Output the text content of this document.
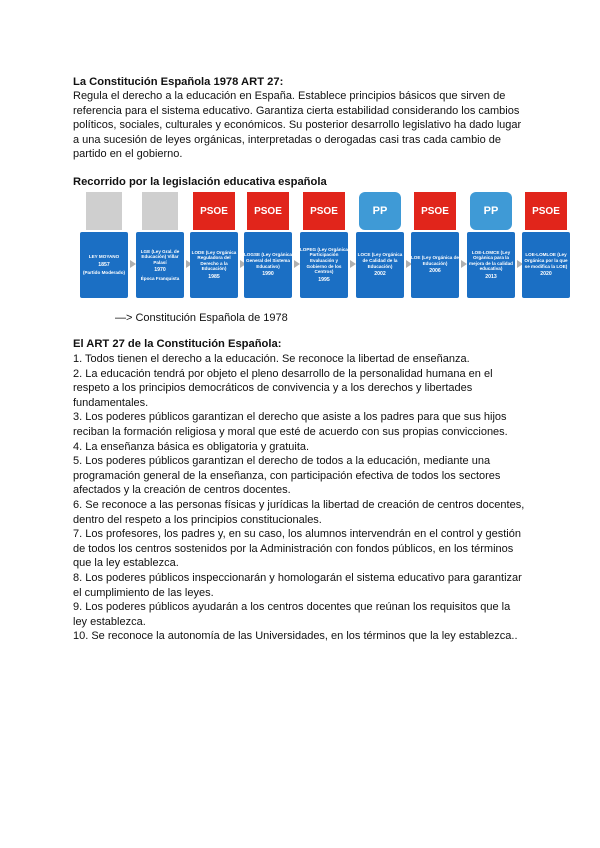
La Constitución Española 1978 ART 27:

Regula el derecho a la educación en España. Establece principios básicos que sirven de

referencia para el sistema educativo. Garantiza cierta estabilidad considerando los cambios

políticos, sociales, culturales y económicos. Su posterior desarrollo legislativo ha dado lugar

a una sucesión de leyes orgánicas, interpretadas o derogadas casi tras cada cambio de

partido en el gobierno.

Recorrido por la legislación educativa española
LEY MOYANO
1857
(Partido Moderado)
LGE (Ley Gral. de Educación) Villar Palasí
1970
Época Franquista
PSOE
LODE (Ley Orgánica Reguladora del Derecho a la Educación)
1985
PSOE
LOGSE (Ley Orgánica General del Sistema Educativo)
1990
PSOE
LOPEG (Ley Orgánica Participación Evaluación y Gobierno de los Centros)
1995
PP
LOCE (Ley Orgánica de Calidad de la Educación)
2002
PSOE
LOE (Ley Orgánica de Educación)
2006
PP
LOE-LOMCE (Ley Orgánica para la mejora de la calidad educativa)
2013
PSOE
LOE-LOMLOE (Ley Orgánica por la que se modifica la LOE)
2020
—> Constitución Española de 1978
El ART 27 de la Constitución Española:

1. Todos tienen el derecho a la educación. Se reconoce la libertad de enseñanza.

2. La educación tendrá por objeto el pleno desarrollo de la personalidad humana en el

respeto a los principios democráticos de convivencia y a los derechos y libertades

fundamentales.

3. Los poderes públicos garantizan el derecho que asiste a los padres para que sus hijos

reciban la formación religiosa y moral que esté de acuerdo con sus propias convicciones.

4. La enseñanza básica es obligatoria y gratuita.

5. Los poderes públicos garantizan el derecho de todos a la educación, mediante una

programación general de la enseñanza, con participación efectiva de todos los sectores

afectados y la creación de centros docentes.

6. Se reconoce a las personas físicas y jurídicas la libertad de creación de centros docentes,

dentro del respeto a los principios constitucionales.

7. Los profesores, los padres y, en su caso, los alumnos intervendrán en el control y gestión

de todos los centros sostenidos por la Administración con fondos públicos, en los términos

que la ley establezca.

8. Los poderes públicos inspeccionarán y homologarán el sistema educativo para garantizar

el cumplimiento de las leyes.

9. Los poderes públicos ayudarán a los centros docentes que reúnan los requisitos que la

ley establezca.

10. Se reconoce la autonomía de las Universidades, en los términos que la ley establezca..
